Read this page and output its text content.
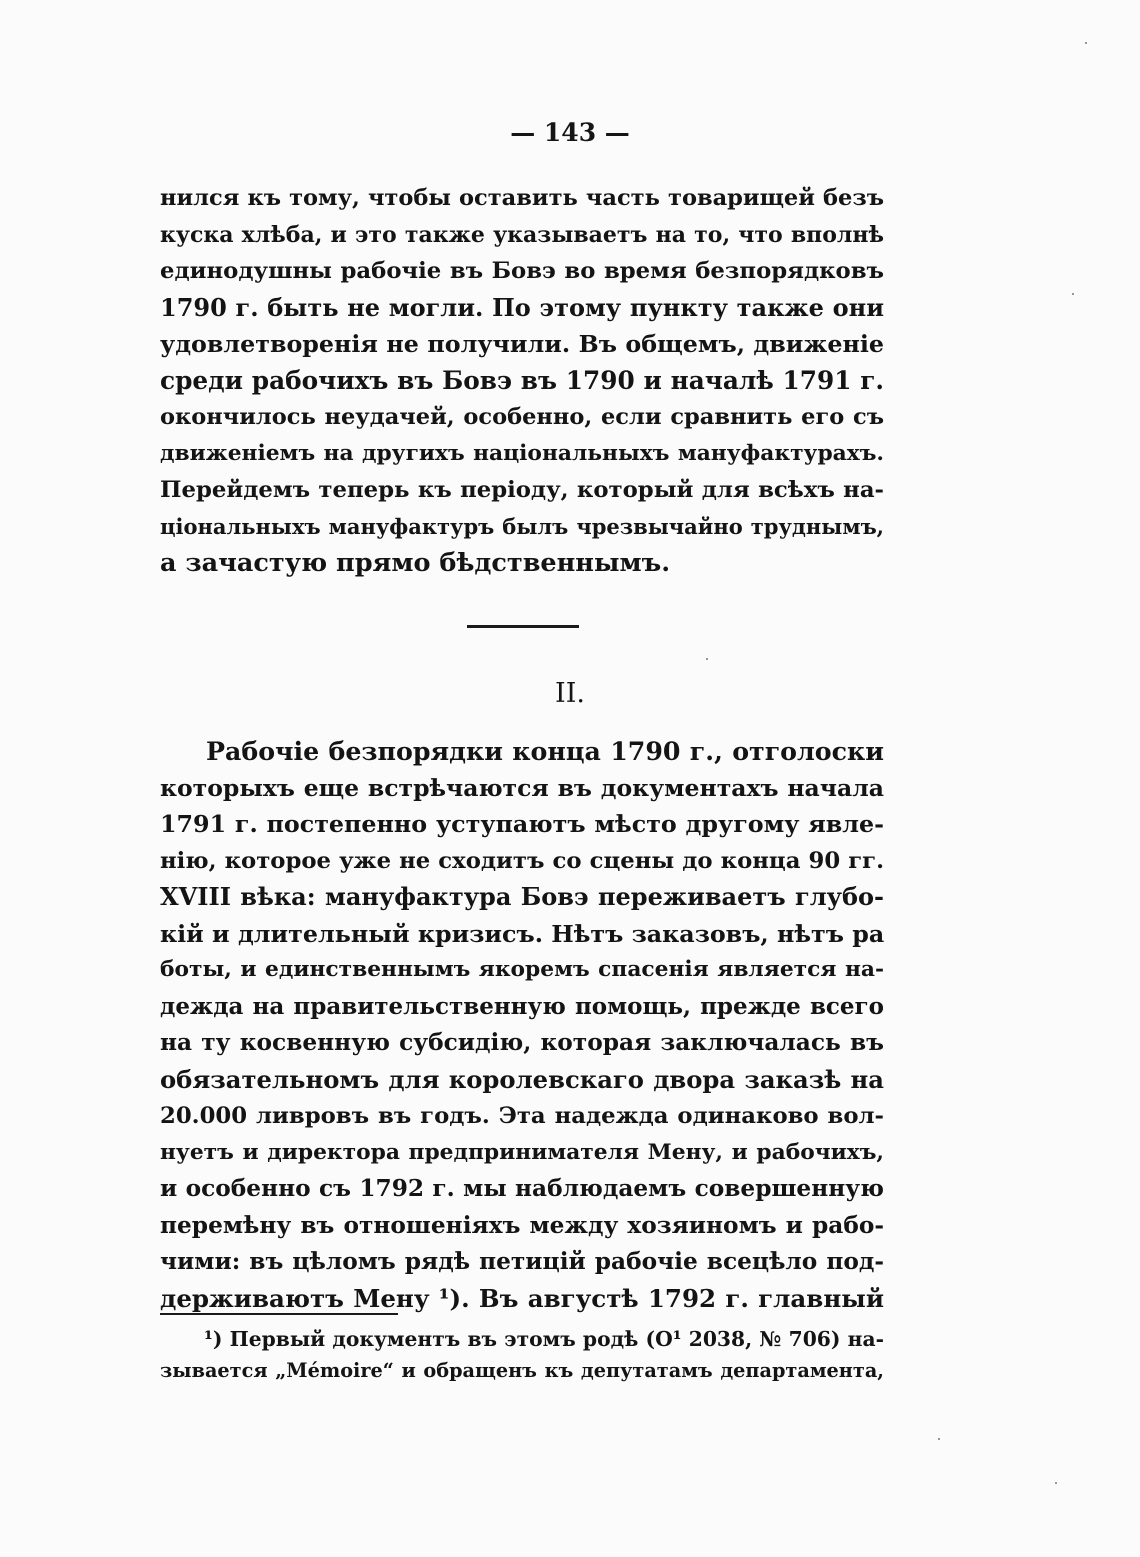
— 143 —
нился къ тому, чтобы оставить часть товарищей безъ
куска хлѣба, и это также указываетъ на то, что вполнѣ
единодушны рабочіе въ Бовэ во время безпорядковъ
1790 г. быть не могли. По этому пункту также они
удовлетворенія не получили. Въ общемъ, движеніе
среди рабочихъ въ Бовэ въ 1790 и началѣ 1791 г.
окончилось неудачей, особенно, если сравнить его съ
движеніемъ на другихъ національныхъ мануфактурахъ.
Перейдемъ теперь къ періоду, который для всѣхъ на-
ціональныхъ мануфактуръ былъ чрезвычайно труднымъ,
а зачастую прямо бѣдственнымъ.
II.
Рабочіе безпорядки конца 1790 г., отголоски
которыхъ еще встрѣчаются въ документахъ начала
1791 г. постепенно уступаютъ мѣсто другому явле-
нію, которое уже не сходитъ со сцены до конца 90 гг.
XVIII вѣка: мануфактура Бовэ переживаетъ глубо-
кій и длительный кризисъ. Нѣтъ заказовъ, нѣтъ ра
боты, и единственнымъ якоремъ спасенія является на-
дежда на правительственную помощь, прежде всего
на ту косвенную субсидію, которая заключалась въ
обязательномъ для королевскаго двора заказѣ на
20.000 ливровъ въ годъ. Эта надежда одинаково вол-
нуетъ и директора предпринимателя Мену, и рабочихъ,
и особенно съ 1792 г. мы наблюдаемъ совершенную
перемѣну въ отношеніяхъ между хозяиномъ и рабо-
чими: въ цѣломъ рядѣ петицій рабочіе всецѣло под-
держиваютъ Мену ¹). Въ августѣ 1792 г. главный
¹) Первый документъ въ этомъ родѣ (O¹ 2038, № 706) на-
зывается „Mémoire“ и обращенъ къ депутатамъ департамента,
